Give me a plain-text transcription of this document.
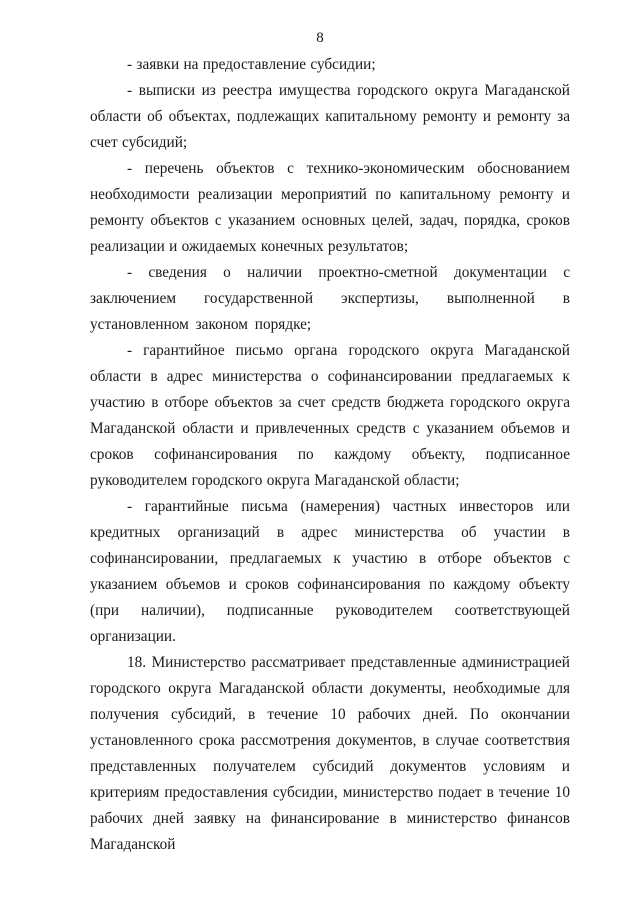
8

- заявки на предоставление субсидии;

- выписки из реестра имущества городского округа Магаданской области об объектах, подлежащих капитальному ремонту и ремонту за счет субсидий;

- перечень объектов с технико-экономическим обоснованием необходимости реализации мероприятий по капитальному ремонту и ремонту объектов с указанием основных целей, задач, порядка, сроков реализации и ожидаемых конечных результатов;

- сведения о наличии проектно-сметной документации с заключением государственной экспертизы, выполненной в установленном законом порядке;

- гарантийное письмо органа городского округа Магаданской области в адрес министерства о софинансировании предлагаемых к участию в отборе объектов за счет средств бюджета городского округа Магаданской области и привлеченных средств с указанием объемов и сроков софинансирования по каждому объекту, подписанное руководителем городского округа Магаданской области;

- гарантийные письма (намерения) частных инвесторов или кредитных организаций в адрес министерства об участии в софинансировании, предлагаемых к участию в отборе объектов с указанием объемов и сроков софинансирования по каждому объекту (при наличии), подписанные руководителем соответствующей организации.

18. Министерство рассматривает представленные администрацией городского округа Магаданской области документы, необходимые для получения субсидий, в течение 10 рабочих дней. По окончании установленного срока рассмотрения документов, в случае соответствия представленных получателем субсидий документов условиям и критериям предоставления субсидии, министерство подает в течение 10 рабочих дней заявку на финансирование в министерство финансов Магаданской
